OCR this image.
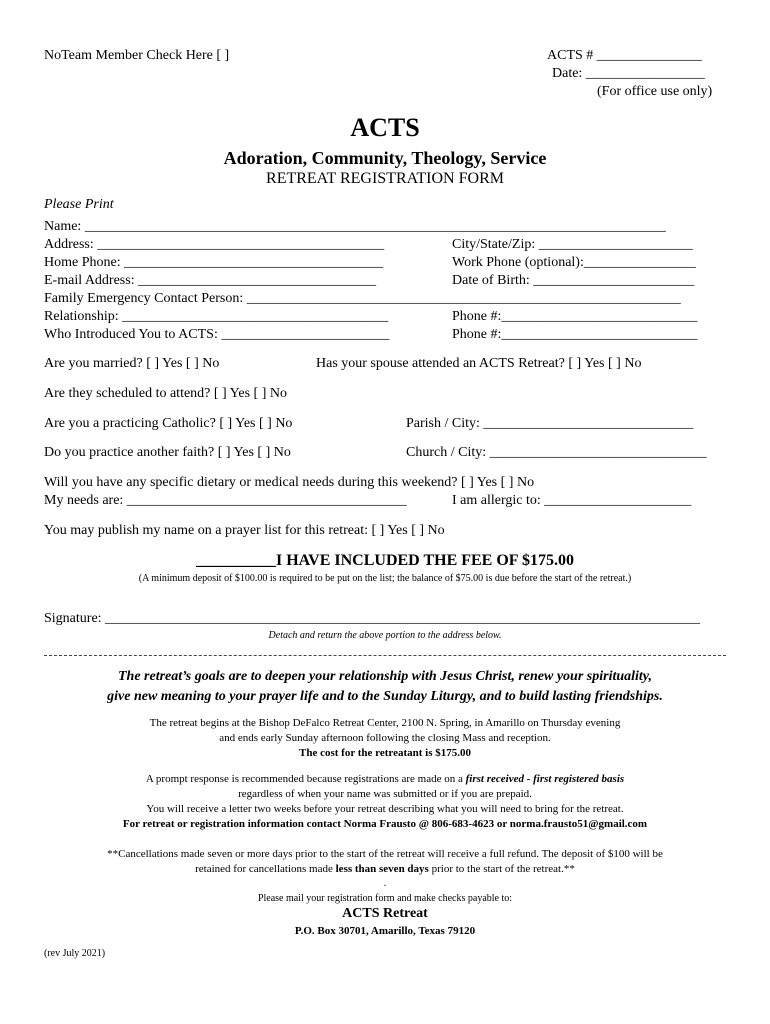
NoTeam Member Check Here [ ]	ACTS # _______________
Date: _________________
(For office use only)
ACTS
Adoration, Community, Theology, Service
RETREAT REGISTRATION FORM
Please Print
Name: ___________________________________________________________________________________
Address: _________________________________________	City/State/Zip: ______________________
Home Phone: _____________________________________	Work Phone (optional):________________
E-mail Address: __________________________________	Date of Birth: _______________________
Family Emergency Contact Person: ______________________________________________________________
Relationship: ______________________________________	Phone #:____________________________
Who Introduced You to ACTS: ________________________	Phone #:____________________________
Are you married? [ ] Yes [ ] No	Has your spouse attended an ACTS Retreat? [ ] Yes [ ] No
Are they scheduled to attend? [ ] Yes [ ] No
Are you a practicing Catholic? [ ] Yes [ ] No	Parish / City: ______________________________
Do you practice another faith? [ ] Yes [ ] No	Church / City: _______________________________
Will you have any specific dietary or medical needs during this weekend? [ ] Yes [ ] No
My needs are: ________________________________________	I am allergic to: _____________________
You may publish my name on a prayer list for this retreat: [ ] Yes [ ] No
__________I HAVE INCLUDED THE FEE OF $175.00
(A minimum deposit of $100.00 is required to be put on the list; the balance of $75.00 is due before the start of the retreat.)
Signature: _____________________________________________________________________________________
Detach and return the above portion to the address below.
The retreat’s goals are to deepen your relationship with Jesus Christ, renew your spirituality,
give new meaning to your prayer life and to the Sunday Liturgy, and to build lasting friendships.
The retreat begins at the Bishop DeFalco Retreat Center, 2100 N. Spring, in Amarillo on Thursday evening
and ends early Sunday afternoon following the closing Mass and reception.
The cost for the retreatant is $175.00
A prompt response is recommended because registrations are made on a first received - first registered basis
regardless of when your name was submitted or if you are prepaid.
You will receive a letter two weeks before your retreat describing what you will need to bring for the retreat.
For retreat or registration information contact Norma Frausto @ 806-683-4623 or norma.frausto51@gmail.com
**Cancellations made seven or more days prior to the start of the retreat will receive a full refund. The deposit of $100 will be
retained for cancellations made less than seven days prior to the start of the retreat.**
.
Please mail your registration form and make checks payable to:
ACTS Retreat
P.O. Box 30701, Amarillo, Texas 79120
(rev July 2021)
